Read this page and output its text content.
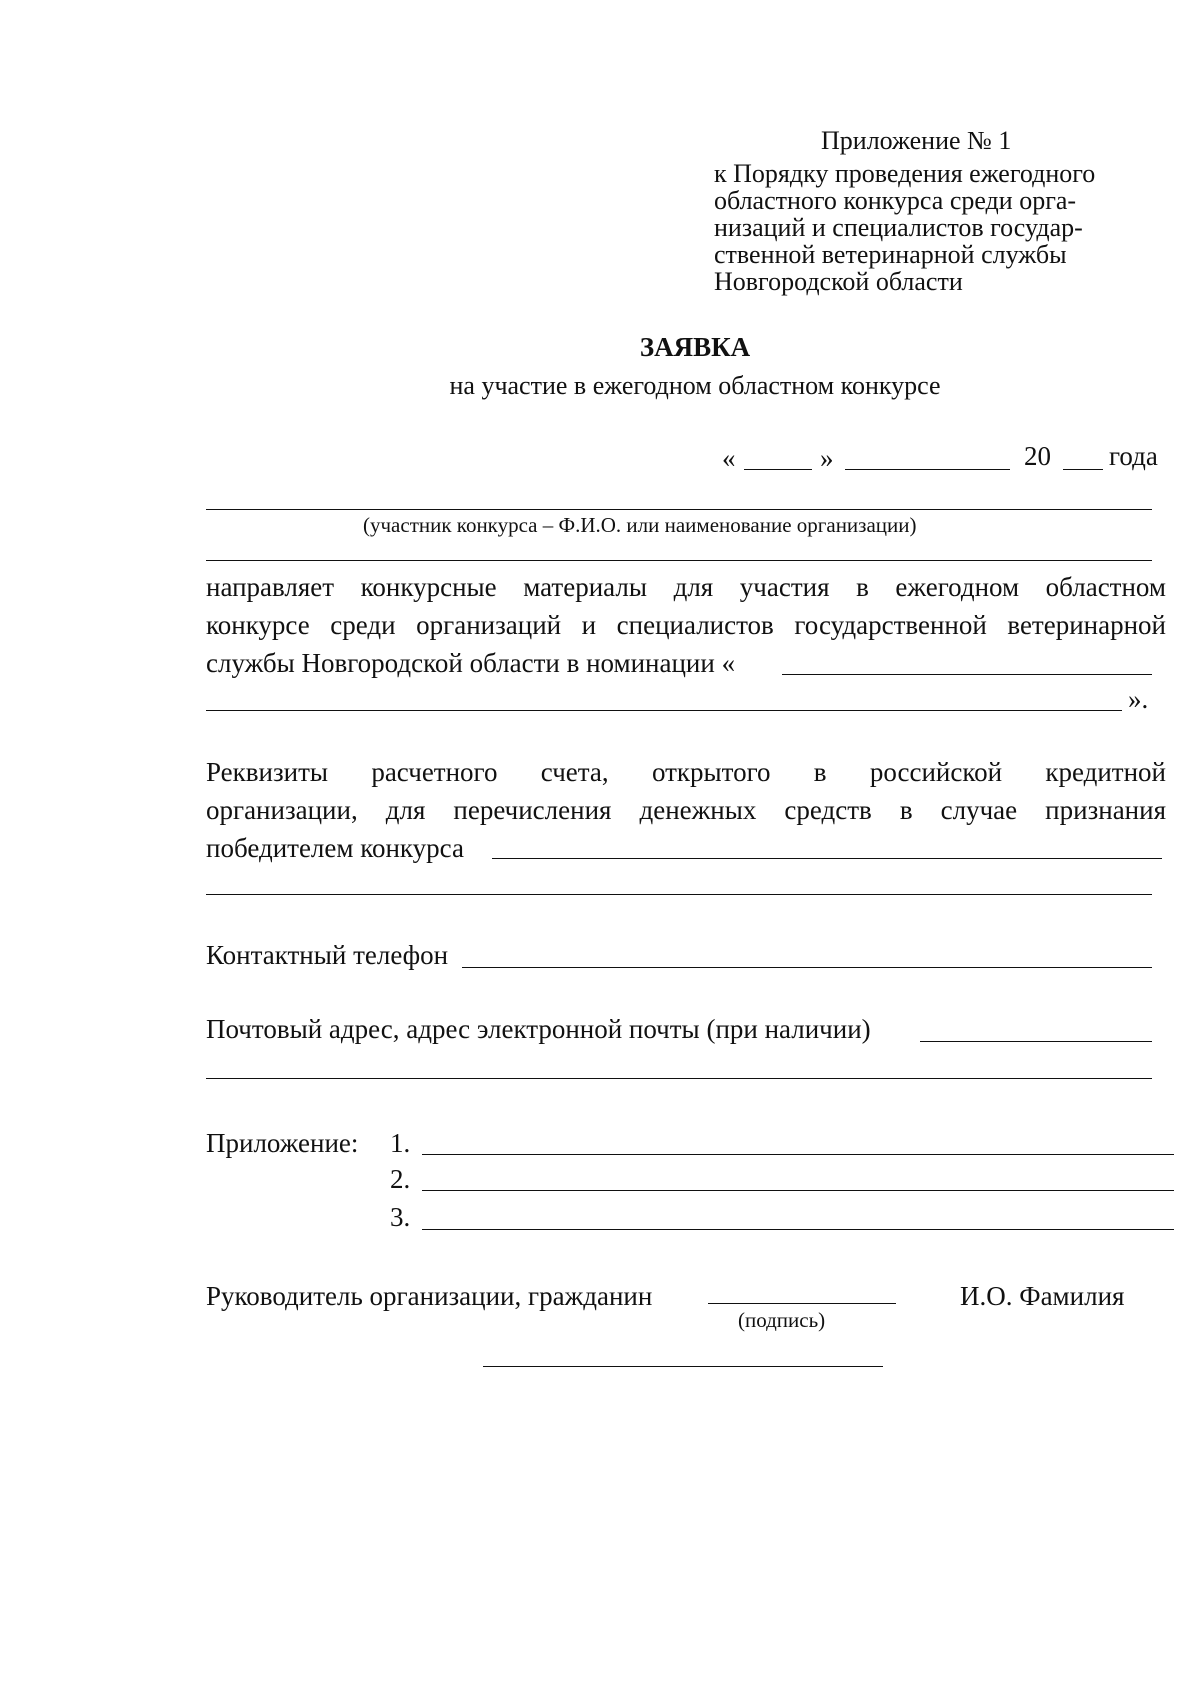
Приложение № 1
к Порядку проведения ежегодного
областного конкурса среди орга-
низаций и специалистов государ-
ственной ветеринарной службы
Новгородской области
ЗАЯВКА
на участие в ежегодном областном конкурсе
«	»	20 года
(участник конкурса – Ф.И.О. или наименование организации)
направляет конкурсные материалы для участия в ежегодном областном
конкурсе среди организаций и специалистов государственной ветеринарной
службы Новгородской области в номинации «
».
Реквизиты расчетного счета, открытого в российской кредитной
организации, для перечисления денежных средств в случае признания
победителем конкурса
Контактный телефон
Почтовый адрес, адрес электронной почты (при наличии)
Приложение: 1.
2.
3.
Руководитель организации, гражданин
(подпись)
И.О. Фамилия
